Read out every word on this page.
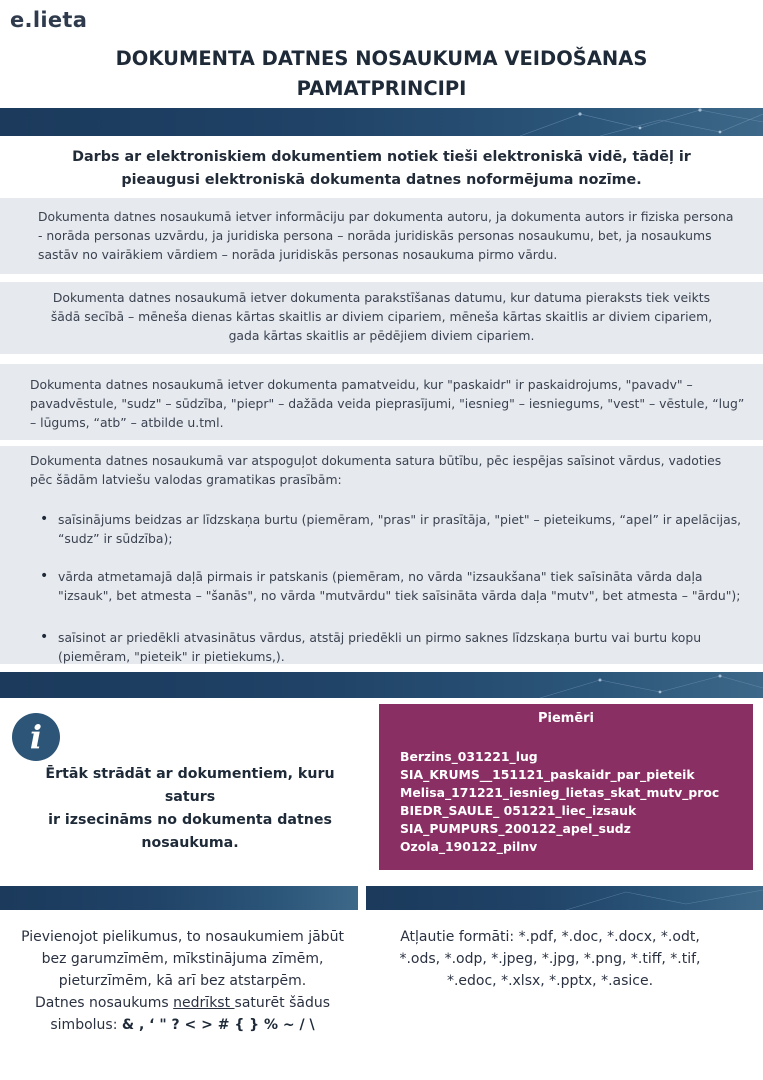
e.lieta
DOKUMENTA DATNES NOSAUKUMA VEIDOŠANAS
PAMATPRINCIPI
Darbs ar elektroniskiem dokumentiem notiek tieši elektroniskā vidē, tādēļ ir
pieaugusi elektroniskā dokumenta datnes noformējuma nozīme.
Dokumenta datnes nosaukumā ietver informāciju par dokumenta autoru, ja dokumenta autors ir fiziska persona
- norāda personas uzvārdu, ja juridiska persona – norāda juridiskās personas nosaukumu, bet, ja nosaukums
sastāv no vairākiem vārdiem – norāda juridiskās personas nosaukuma pirmo vārdu.
Dokumenta datnes nosaukumā ietver dokumenta parakstīšanas datumu, kur datuma pieraksts tiek veikts
šādā secībā – mēneša dienas kārtas skaitlis ar diviem cipariem, mēneša kārtas skaitlis ar diviem cipariem,
gada kārtas skaitlis ar pēdējiem diviem cipariem.
Dokumenta datnes nosaukumā ietver dokumenta pamatveidu, kur "paskaidr" ir paskaidrojums, "pavadv" –
pavadvēstule, "sudz" – sūdzība, "piepr" – dažāda veida pieprasījumi, "iesnieg" – iesniegums, "vest" – vēstule, “lug”
– lūgums, “atb” – atbilde u.tml.
Dokumenta datnes nosaukumā var atspoguļot dokumenta satura būtību, pēc iespējas saīsinot vārdus, vadoties
pēc šādām latviešu valodas gramatikas prasībām:
• saīsinājums beidzas ar līdzskaņa burtu (piemēram, "pras" ir prasītāja, "piet" – pieteikums, “apel” ir apelācijas,
“sudz” ir sūdzība);
• vārda atmetamajā daļā pirmais ir patskanis (piemēram, no vārda "izsaukšana" tiek saīsināta vārda daļa
"izsauk", bet atmesta – "šanās", no vārda "mutvārdu" tiek saīsināta vārda daļa "mutv", bet atmesta – "ārdu");
• saīsinot ar priedēkli atvasinātus vārdus, atstāj priedēkli un pirmo saknes līdzskaņa burtu vai burtu kopu
(piemēram, "pieteik" ir pietiekums,).
i
Ērtāk strādāt ar dokumentiem, kuru saturs
ir izsecināms no dokumenta datnes
nosaukuma.
Piemēri
Berzins_031221_lug
SIA_KRUMS__151121_paskaidr_par_pieteik
Melisa_171221_iesnieg_lietas_skat_mutv_proc
BIEDR_SAULE_ 051221_liec_izsauk
SIA_PUMPURS_200122_apel_sudz
Ozola_190122_pilnv
Pievienojot pielikumus, to nosaukumiem jābūt
bez garumzīmēm, mīkstinājuma zīmēm,
pieturzīmēm, kā arī bez atstarpēm.
Datnes nosaukums nedrīkst saturēt šādus
simbolus: & , ‘ " ? < > # { } % ~ / \
Atļautie formāti: *.pdf, *.doc, *.docx, *.odt,
*.ods, *.odp, *.jpeg, *.jpg, *.png, *.tiff, *.tif,
*.edoc, *.xlsx, *.pptx, *.asice.
